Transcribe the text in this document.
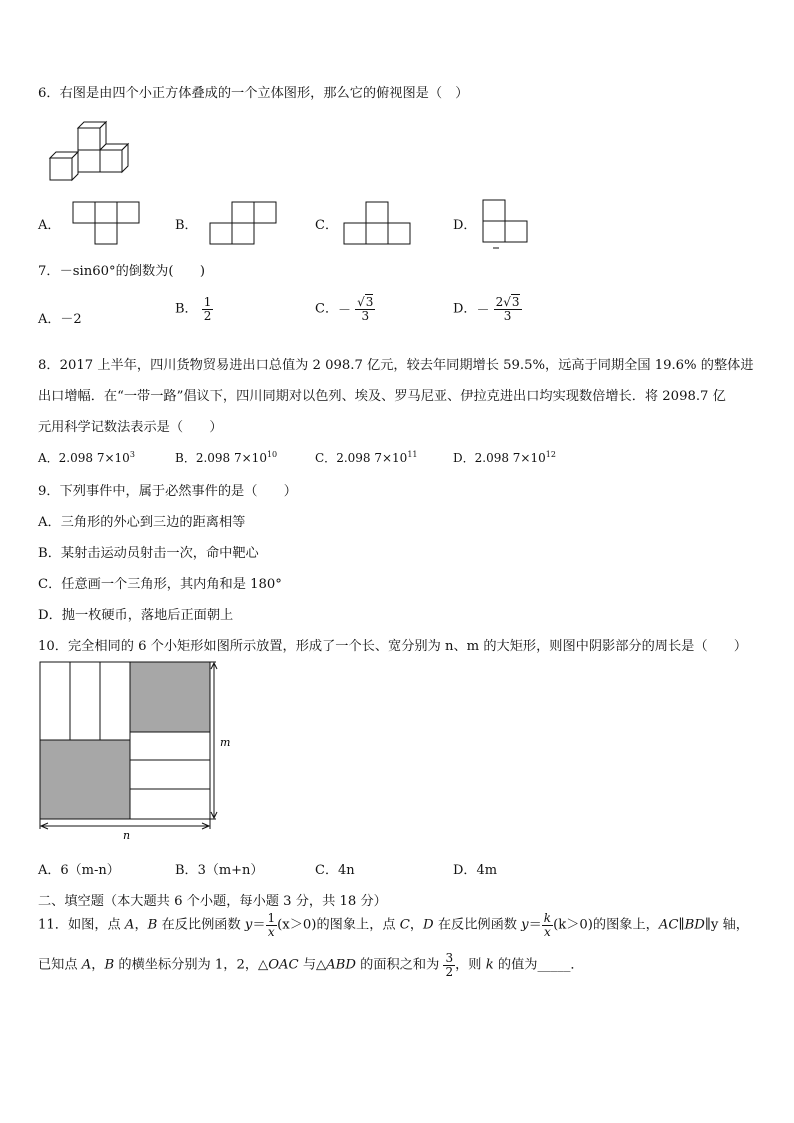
6．右图是由四个小正方体叠成的一个立体图形，那么它的俯视图是（　）
A．	B．	C．	D．
7．－sin60°的倒数为(　　)
A．－2
B． $\frac{1}{2}$	C．－ $\frac{√3}{3}$	D．－ $\frac{2√3}{3}$
8．2017 上半年，四川货物贸易进出口总值为 2 098.7 亿元，较去年同期增长 59.5%，远高于同期全国 19.6% 的整体进
出口增幅．在“一带一路”倡议下，四川同期对以色列、埃及、罗马尼亚、伊拉克进出口均实现数倍增长．将 2098.7 亿
元用科学记数法表示是（　　）
A．2.098 $7\times 10^3$	B．2.098 $7\times 10^{10}$	C．2.098 $7\times 10^{11}$	D．2.098 $7\times 10^{12}$
9．下列事件中，属于必然事件的是（　　）
A．三角形的外心到三边的距离相等
B．某射击运动员射击一次，命中靶心
C．任意画一个三角形，其内角和是 180°
D．抛一枚硬币，落地后正面朝上
10．完全相同的 6 个小矩形如图所示放置，形成了一个长、宽分别为 n、m 的大矩形，则图中阴影部分的周长是（　　）
m
n
A．6（m-n）	B．3（m+n）	C．4n	D．4m
二、填空题（本大题共 6 个小题，每小题 3 分，共 18 分）
11．如图，点 A，B 在反比例函数 $y= \frac{1}{x} (x>0)$的图象上，点 C，D 在反比例函数 $y= \frac{k}{x} (k>0)$的图象上，AC∥BD∥y 轴，
已知点 A，B 的横坐标分别为 1，2，△OAC 与△ABD 的面积之和为 $\frac{3}{2}$ ，则 k 的值为_____．
